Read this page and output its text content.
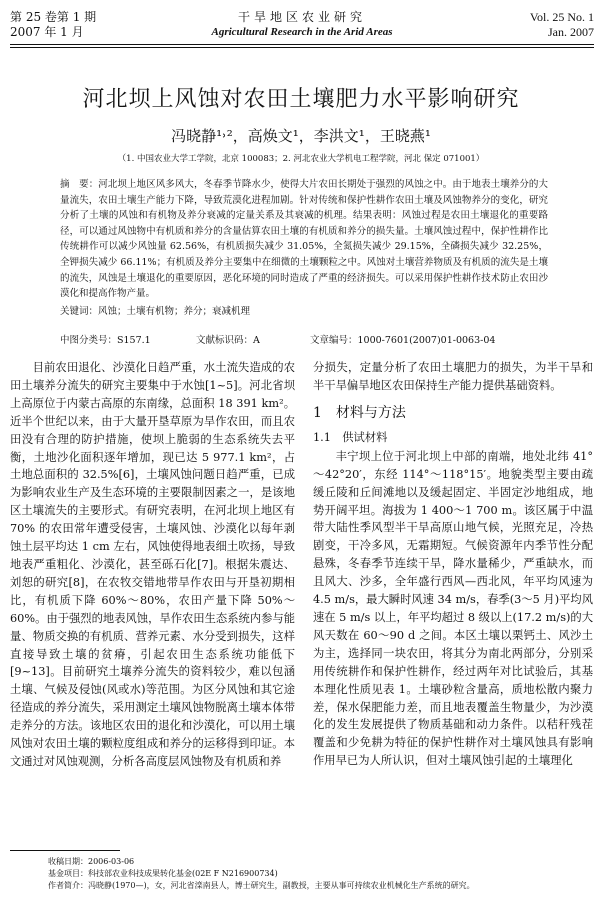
第 25 卷第 1 期
2007 年 1 月
干旱地区农业研究
Agricultural Research in the Arid Areas
Vol. 25 No. 1
Jan. 2007
河北坝上风蚀对农田土壤肥力水平影响研究
冯晓静¹˒²，高焕文¹，李洪文¹，王晓燕¹
（1. 中国农业大学工学院，北京 100083；2. 河北农业大学机电工程学院，河北 保定 071001）
摘　要：河北坝上地区风多风大，冬春季节降水少，使得大片农田长期处于强烈的风蚀之中。由于地表土壤养分的大量流失，农田土壤生产能力下降，导致荒漠化进程加剧。针对传统和保护性耕作农田土壤及风蚀物养分的变化，研究分析了土壤的风蚀和有机物及养分衰减的定量关系及其衰减的机理。结果表明：风蚀过程是农田土壤退化的重要路径，可以通过风蚀物中有机质和养分的含量估算农田土壤的有机质和养分的损失量。土壤风蚀过程中，保护性耕作比传统耕作可以减少风蚀量 62.56%，有机质损失减少 31.05%，全氮损失减少 29.15%，全磷损失减少 32.25%，全钾损失减少 66.11%；有机质及养分主要集中在细微的土壤颗粒之中。风蚀对土壤营养物质及有机质的流失是土壤的流失，风蚀是土壤退化的重要原因，恶化环境的同时造成了严重的经济损失。可以采用保护性耕作技术防止农田沙漠化和提高作物产量。
关键词：风蚀；土壤有机物；养分；衰减机理
中图分类号：S157.1	文献标识码：A	文章编号：1000-7601(2007)01-0063-04

目前农田退化、沙漠化日趋严重，水土流失造成的农田土壤养分流失的研究主要集中于水蚀[1~5]。河北省坝上高原位于内蒙古高原的东南缘，总面积 18 391 km²。近半个世纪以来，由于大量开垦草原为旱作农田，而且农田没有合理的防护措施，使坝上脆弱的生态系统失去平衡，土地沙化面积逐年增加，现已达 5 977.1 km²，占土地总面积的 32.5%[6]，土壤风蚀问题日趋严重，已成为影响农业生产及生态环境的主要限制因素之一，是该地区土壤流失的主要形式。有研究表明，在河北坝上地区有 70% 的农田常年遭受侵害，土壤风蚀、沙漠化以每年剥蚀土层平均达 1 cm 左右，风蚀使得地表细土吹扬，导致地表严重粗化、沙漠化，甚至砾石化[7]。根据朱震达、刘恕的研究[8]，在农牧交错地带旱作农田与开垦初期相比，有机质下降 60%～80%，农田产量下降 50%～60%。由于强烈的地表风蚀，旱作农田生态系统内参与能量、物质交换的有机质、营养元素、水分受到损失，这样直接导致土壤的贫瘠，引起农田生态系统功能低下[9~13]。目前研究土壤养分流失的资料较少，难以包涵土壤、气候及侵蚀(风或水)等范围。为区分风蚀和其它途径造成的养分流失，采用测定土壤风蚀物脱离土壤本体带走养分的方法。该地区农田的退化和沙漠化，可以用土壤风蚀对农田土壤的颗粒度组成和养分的运移得到印证。本文通过对风蚀观测，分析各高度层风蚀物及有机质和养

分损失，定量分析了农田土壤肥力的损失，为半干旱和半干旱偏旱地区农田保持生产能力提供基础资料。

1　材料与方法
1.1　供试材料

丰宁坝上位于河北坝上中部的南端，地处北纬 41°～42°20′，东经 114°～118°15′。地貌类型主要由疏缓丘陵和丘间滩地以及缓起固定、半固定沙地组成，地势开阔平坦。海拔为 1 400～1 700 m。该区属于中温带大陆性季风型半干旱高原山地气候，光照充足，冷热剧变，干冷多风，无霜期短。气候资源年内季节性分配悬殊，冬春季节连续干旱，降水量稀少，严重缺水，而且风大、沙多，全年盛行西风—西北风，年平均风速为 4.5 m/s，最大瞬时风速 34 m/s，春季(3～5 月)平均风速在 5 m/s 以上，年平均超过 8 级以上(17.2 m/s)的大风天数在 60～90 d 之间。本区土壤以栗钙土、风沙土为主，选择同一块农田，将其分为南北两部分，分别采用传统耕作和保护性耕作，经过两年对比试验后，其基本理化性质见表 1。土壤砂粒含量高，质地松散内聚力差，保水保肥能力差，而且地表覆盖生物量少，为沙漠化的发生发展提供了物质基础和动力条件。以秸秆残茬覆盖和少免耕为特征的保护性耕作对土壤风蚀具有影响作用早已为人所认识，但对土壤风蚀引起的土壤理化

收稿日期：2006-03-06
基金项目：科技部农业科技成果转化基金(02E F N216900734)
作者简介：冯晓静(1970—)，女，河北省滦南县人，博士研究生，副教授，主要从事可持续农业机械化生产系统的研究。
